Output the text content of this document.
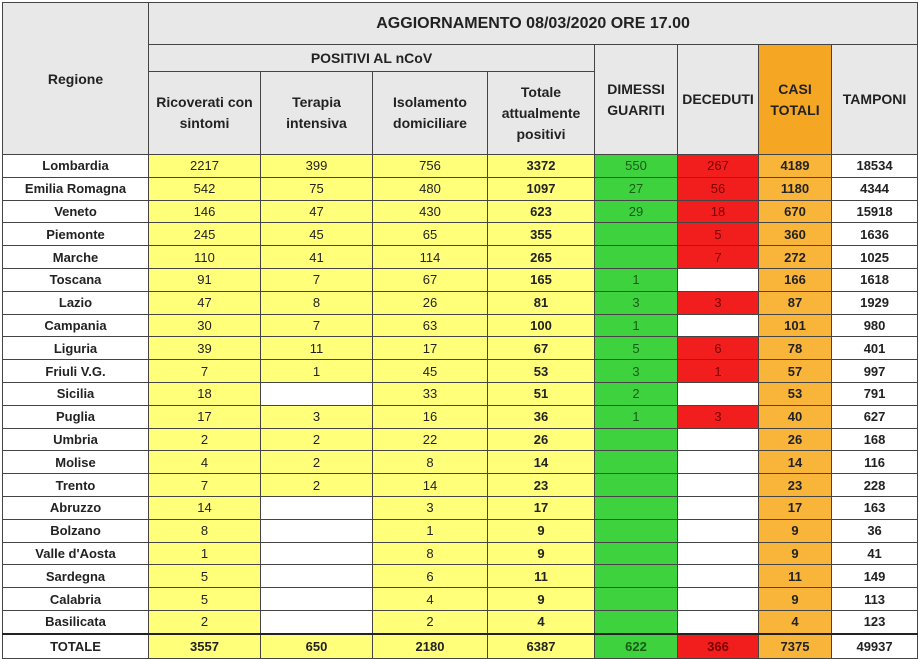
Regione	AGGIORNAMENTO 08/03/2020 ORE 17.00							
	POSITIVI AL nCoV				DIMESSI GUARITI	DECEDUTI	CASI TOTALI	TAMPONI
	Ricoverati con sintomi	Terapia intensiva	Isolamento domiciliare	Totale attualmente positivi				
Lombardia	2217	399	756	3372	550	267	4189	18534
Emilia Romagna	542	75	480	1097	27	56	1180	4344
Veneto	146	47	430	623	29	18	670	15918
Piemonte	245	45	65	355		5	360	1636
Marche	110	41	114	265		7	272	1025
Toscana	91	7	67	165	1		166	1618
Lazio	47	8	26	81	3	3	87	1929
Campania	30	7	63	100	1		101	980
Liguria	39	11	17	67	5	6	78	401
Friuli V.G.	7	1	45	53	3	1	57	997
Sicilia	18		33	51	2		53	791
Puglia	17	3	16	36	1	3	40	627
Umbria	2	2	22	26			26	168
Molise	4	2	8	14			14	116
Trento	7	2	14	23			23	228
Abruzzo	14		3	17			17	163
Bolzano	8		1	9			9	36
Valle d'Aosta	1		8	9			9	41
Sardegna	5		6	11			11	149
Calabria	5		4	9			9	113
Basilicata	2		2	4			4	123
TOTALE	3557	650	2180	6387	622	366	7375	49937
